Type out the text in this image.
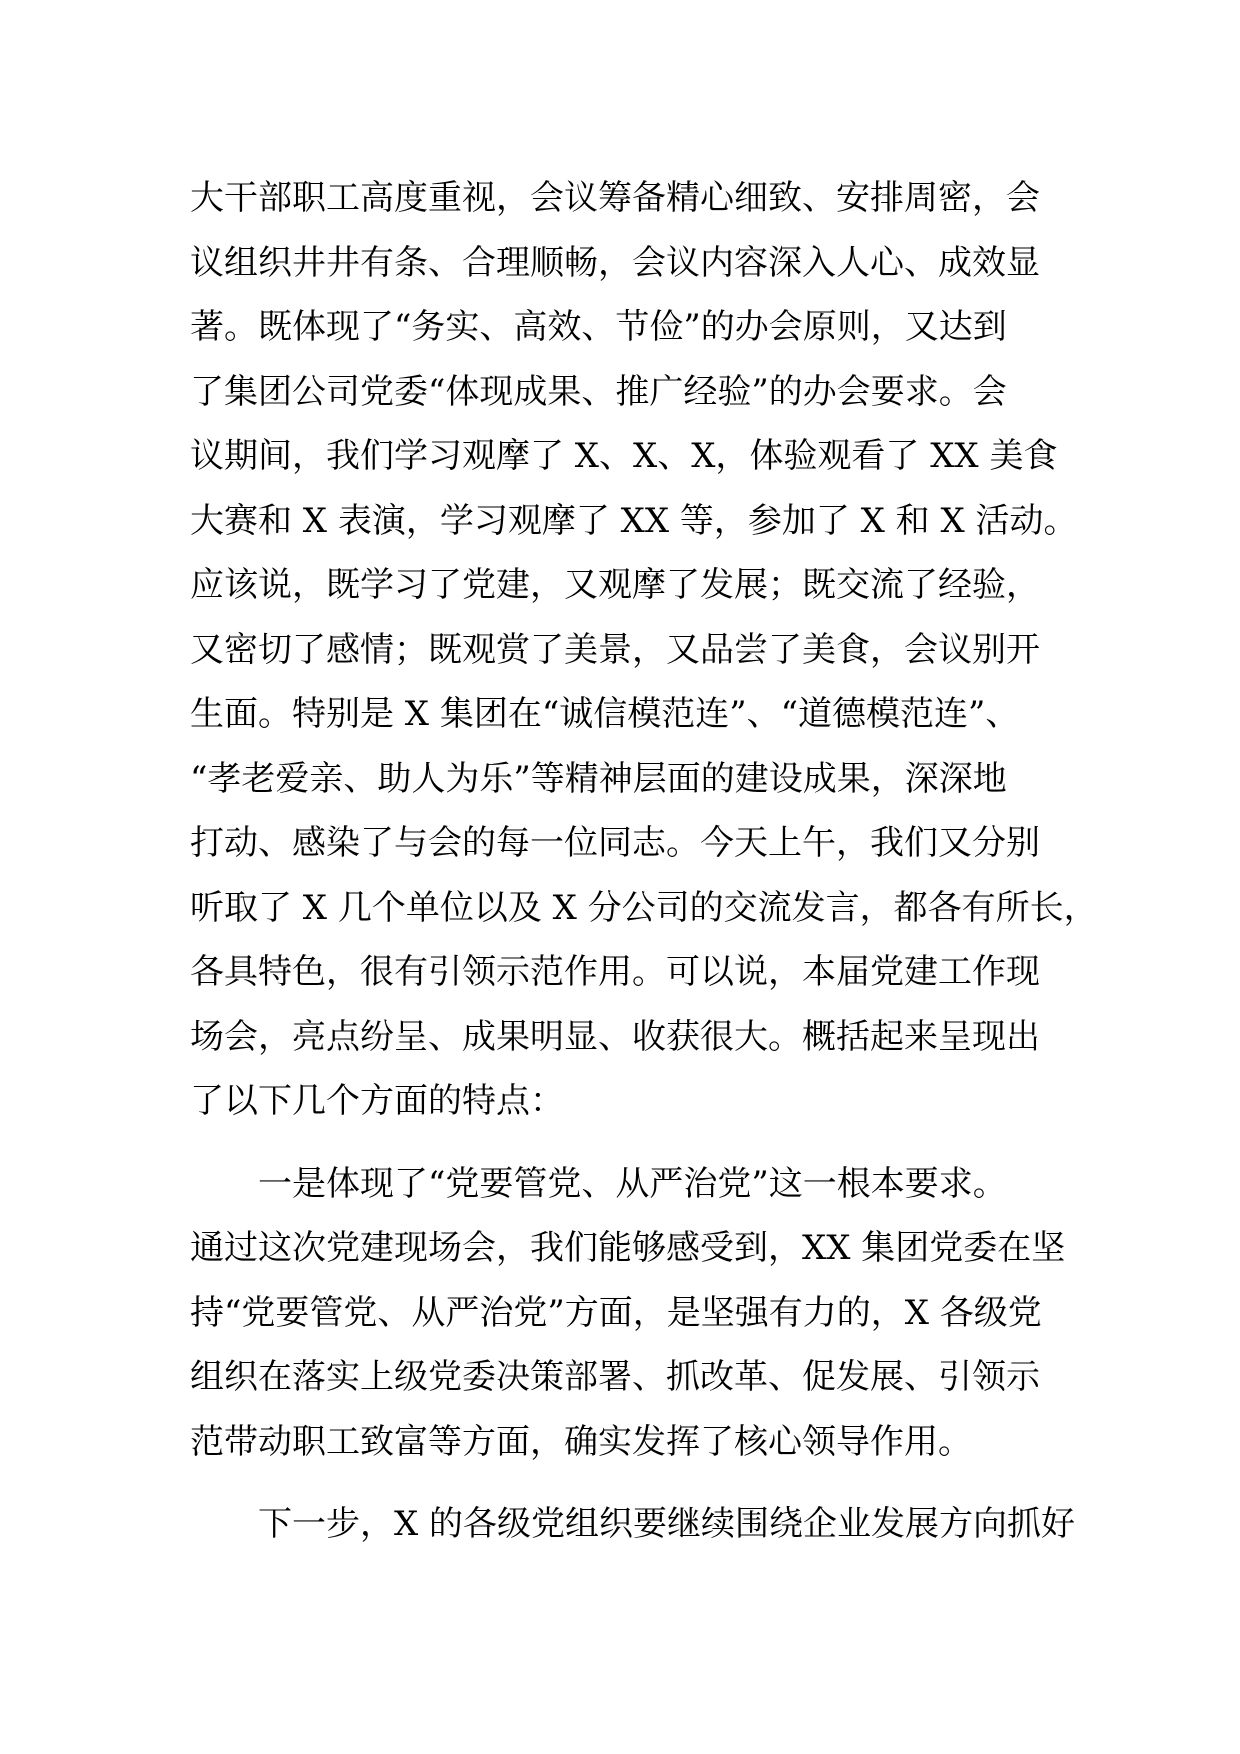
大干部职工高度重视，会议筹备精心细致、安排周密，会
议组织井井有条、合理顺畅，会议内容深入人心、成效显
著。既体现了“务实、高效、节俭”的办会原则，又达到
了集团公司党委“体现成果、推广经验”的办会要求。会
议期间，我们学习观摩了 X、X、X，体验观看了 XX 美食
大赛和 X 表演，学习观摩了 XX 等，参加了 X 和 X 活动。
应该说，既学习了党建，又观摩了发展；既交流了经验，
又密切了感情；既观赏了美景，又品尝了美食，会议别开
生面。特别是 X 集团在“诚信模范连”、“道德模范连”、
“孝老爱亲、助人为乐”等精神层面的建设成果，深深地
打动、感染了与会的每一位同志。今天上午，我们又分别
听取了 X 几个单位以及 X 分公司的交流发言，都各有所长，
各具特色，很有引领示范作用。可以说，本届党建工作现
场会，亮点纷呈、成果明显、收获很大。概括起来呈现出
了以下几个方面的特点：
一是体现了“党要管党、从严治党”这一根本要求。
通过这次党建现场会，我们能够感受到，XX 集团党委在坚
持“党要管党、从严治党”方面，是坚强有力的，X 各级党
组织在落实上级党委决策部署、抓改革、促发展、引领示
范带动职工致富等方面，确实发挥了核心领导作用。
下一步，X 的各级党组织要继续围绕企业发展方向抓好
